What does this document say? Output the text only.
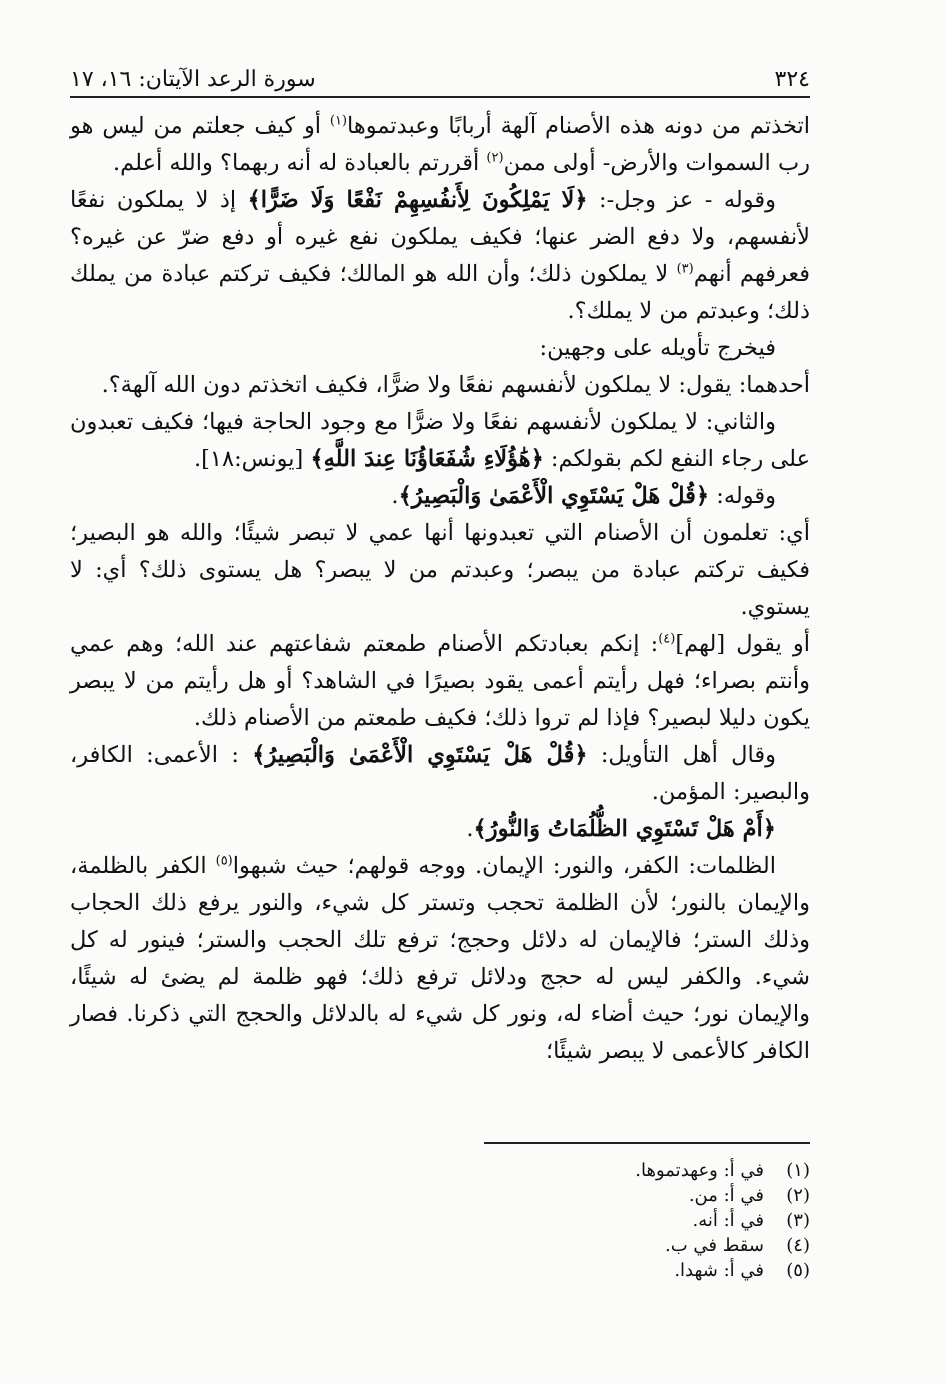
٣٢٤
سورة الرعد الآيتان: ١٦، ١٧

اتخذتم من دونه هذه الأصنام آلهة أربابًا وعبدتموها$^{(١)}$ أو كيف جعلتم من ليس هو رب السموات والأرض- أولى ممن$^{(٢)}$ أقررتم بالعبادة له أنه ربهما؟ والله أعلم.

وقوله - عز وجل-: ﴿لَا يَمْلِكُونَ لِأَنفُسِهِمْ نَفْعًا وَلَا ضَرًّا﴾ إذ لا يملكون نفعًا لأنفسهم، ولا دفع الضر عنها؛ فكيف يملكون نفع غيره أو دفع ضرّ عن غيره؟ فعرفهم أنهم$^{(٣)}$ لا يملكون ذلك؛ وأن الله هو المالك؛ فكيف تركتم عبادة من يملك ذلك؛ وعبدتم من لا يملك؟.

فيخرج تأويله على وجهين:

أحدهما: يقول: لا يملكون لأنفسهم نفعًا ولا ضرًّا، فكيف اتخذتم دون الله آلهة؟.

والثاني: لا يملكون لأنفسهم نفعًا ولا ضرًّا مع وجود الحاجة فيها؛ فكيف تعبدون على رجاء النفع لكم بقولكم: ﴿هَٰؤُلَاءِ شُفَعَاؤُنَا عِندَ اللَّهِ﴾ [يونس:١٨].

وقوله: ﴿قُلْ هَلْ يَسْتَوِي الْأَعْمَىٰ وَالْبَصِيرُ﴾.

أي: تعلمون أن الأصنام التي تعبدونها أنها عمي لا تبصر شيئًا؛ والله هو البصير؛ فكيف تركتم عبادة من يبصر؛ وعبدتم من لا يبصر؟ هل يستوى ذلك؟ أي: لا يستوي.

أو يقول [لهم]$^{(٤)}$: إنكم بعبادتكم الأصنام طمعتم شفاعتهم عند الله؛ وهم عمي وأنتم بصراء؛ فهل رأيتم أعمى يقود بصيرًا في الشاهد؟ أو هل رأيتم من لا يبصر يكون دليلا لبصير؟ فإذا لم تروا ذلك؛ فكيف طمعتم من الأصنام ذلك.

وقال أهل التأويل: ﴿قُلْ هَلْ يَسْتَوِي الْأَعْمَىٰ وَالْبَصِيرُ﴾ : الأعمى: الكافر، والبصير: المؤمن.

﴿أَمْ هَلْ تَسْتَوِي الظُّلُمَاتُ وَالنُّورُ﴾.

الظلمات: الكفر، والنور: الإيمان. ووجه قولهم؛ حيث شبهوا$^{(٥)}$ الكفر بالظلمة، والإيمان بالنور؛ لأن الظلمة تحجب وتستر كل شيء، والنور يرفع ذلك الحجاب وذلك الستر؛ فالإيمان له دلائل وحجج؛ ترفع تلك الحجب والستر؛ فينور له كل شيء. والكفر ليس له حجج ودلائل ترفع ذلك؛ فهو ظلمة لم يضئ له شيئًا، والإيمان نور؛ حيث أضاء له، ونور كل شيء له بالدلائل والحجج التي ذكرنا. فصار الكافر كالأعمى لا يبصر شيئًا؛

(١)
في أ: وعهدتموها.
(٢)
في أ: من.
(٣)
في أ: أنه.
(٤)
سقط في ب.
(٥)
في أ: شهدا.
